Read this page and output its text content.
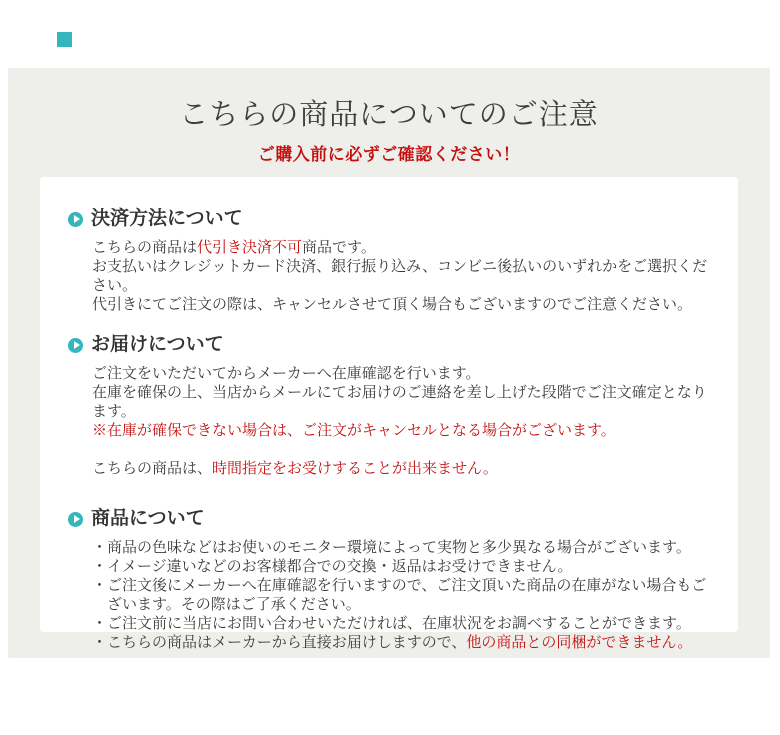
こちらの商品についてのご注意
ご購入前に必ずご確認ください！
決済方法について
こちらの商品は代引き決済不可商品です。
お支払いはクレジットカード決済、銀行振り込み、コンビニ後払いのいずれかをご選択ください。
代引きにてご注文の際は、キャンセルさせて頂く場合もございますのでご注意ください。
お届けについて
ご注文をいただいてからメーカーへ在庫確認を行います。
在庫を確保の上、当店からメールにてお届けのご連絡を差し上げた段階でご注文確定となります。
※在庫が確保できない場合は、ご注文がキャンセルとなる場合がございます。
こちらの商品は、時間指定をお受けすることが出来ません。
商品について
・商品の色味などはお使いのモニター環境によって実物と多少異なる場合がございます。
・イメージ違いなどのお客様都合での交換・返品はお受けできません。
・ご注文後にメーカーへ在庫確認を行いますので、ご注文頂いた商品の在庫がない場合もございます。その際はご了承ください。
・ご注文前に当店にお問い合わせいただければ、在庫状況をお調べすることができます。
・こちらの商品はメーカーから直接お届けしますので、他の商品との同梱ができません。
